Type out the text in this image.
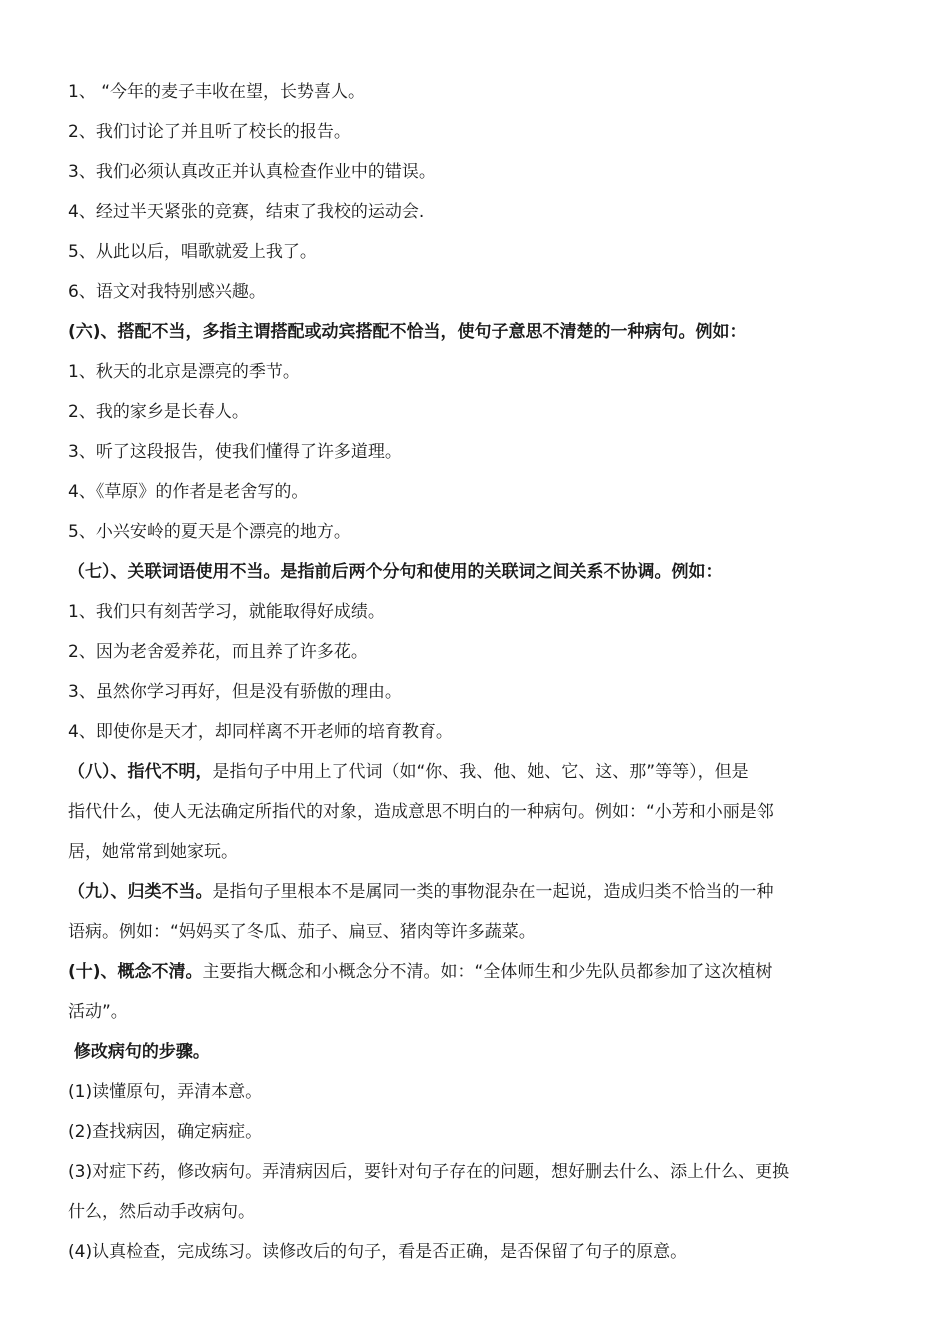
1、 “今年的麦子丰收在望，长势喜人。
2、我们讨论了并且听了校长的报告。
3、我们必须认真改正并认真检查作业中的错误。
4、经过半天紧张的竞赛，结束了我校的运动会.
5、从此以后，唱歌就爱上我了。
6、语文对我特别感兴趣。
(六)、搭配不当，多指主谓搭配或动宾搭配不恰当，使句子意思不清楚的一种病句。例如：
1、秋天的北京是漂亮的季节。
2、我的家乡是长春人。
3、听了这段报告，使我们懂得了许多道理。
4、《草原》的作者是老舍写的。
5、小兴安岭的夏天是个漂亮的地方。
（七）、关联词语使用不当。是指前后两个分句和使用的关联词之间关系不协调。例如：
1、我们只有刻苦学习，就能取得好成绩。
2、因为老舍爱养花，而且养了许多花。
3、虽然你学习再好，但是没有骄傲的理由。
4、即使你是天才，却同样离不开老师的培育教育。
（八）、指代不明，是指句子中用上了代词（如“你、我、他、她、它、这、那”等等），但是
指代什么，使人无法确定所指代的对象，造成意思不明白的一种病句。例如：“小芳和小丽是邻
居，她常常到她家玩。
（九）、归类不当。是指句子里根本不是属同一类的事物混杂在一起说，造成归类不恰当的一种
语病。例如：“妈妈买了冬瓜、茄子、扁豆、猪肉等许多蔬菜。
(十)、概念不清。主要指大概念和小概念分不清。如：“全体师生和少先队员都参加了这次植树
活动”。
修改病句的步骤。
(1)读懂原句，弄清本意。
(2)查找病因，确定病症。
(3)对症下药，修改病句。弄清病因后，要针对句子存在的问题，想好删去什么、添上什么、更换
什么，然后动手改病句。
(4)认真检查，完成练习。读修改后的句子，看是否正确，是否保留了句子的原意。
